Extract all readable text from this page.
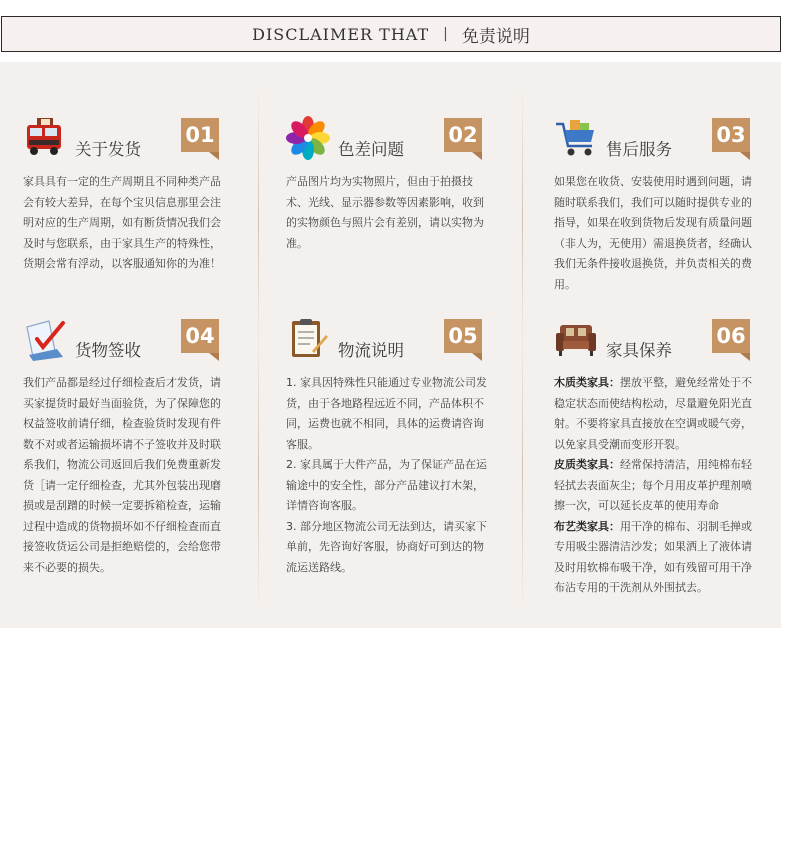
DISCLAIMER THAT | 免责说明
关于发货
01

家具具有一定的生产周期且不同种类产品会有较大差异，在每个宝贝信息那里会注明对应的生产周期，如有断货情况我们会及时与您联系，由于家具生产的特殊性，货期会常有浮动，以客服通知你的为准！

色差问题
02

产品图片均为实物照片，但由于拍摄技术、光线、显示器参数等因素影响，收到的实物颜色与照片会有差别，请以实物为准。

售后服务
03

如果您在收货、安装使用时遇到问题，请随时联系我们，我们可以随时提供专业的指导，如果在收到货物后发现有质量问题（非人为，无使用）需退换货者，经确认我们无条件接收退换货，并负责相关的费用。

货物签收
04

我们产品都是经过仔细检查后才发货，请买家提货时最好当面验货，为了保障您的权益签收前请仔细，检查验货时发现有件数不对或者运输损坏请不子签收并及时联系我们，物流公司返回后我们免费重新发货［请一定仔细检查，尤其外包装出现磨损或是刮蹭的时候一定要拆箱检查，运输过程中造成的货物损坏如不仔细检查而直接签收货运公司是拒绝赔偿的，会给您带来不必要的损失。

物流说明
05

1. 家具因特殊性只能通过专业物流公司发货，由于各地路程远近不同，产品体积不同，运费也就不相同，具体的运费请咨询客服。

2. 家具属于大件产品，为了保证产品在运输途中的安全性，部分产品建议打木架，详情咨询客服。

3. 部分地区物流公司无法到达，请买家下单前，先咨询好客服，协商好可到达的物流运送路线。

家具保养
06

木质类家具：摆放平整，避免经常处于不稳定状态而使结构松动，尽量避免阳光直射。不要将家具直接放在空调或暖气旁，以免家具受潮而变形开裂。

皮质类家具：经常保持清洁，用纯棉布轻轻拭去表面灰尘；每个月用皮革护理剂喷擦一次，可以延长皮革的使用寿命

布艺类家具：用干净的棉布、羽制毛掸或专用吸尘器清洁沙发；如果洒上了液体请及时用软棉布吸干净，如有残留可用干净布沾专用的干洗剂从外围拭去。
